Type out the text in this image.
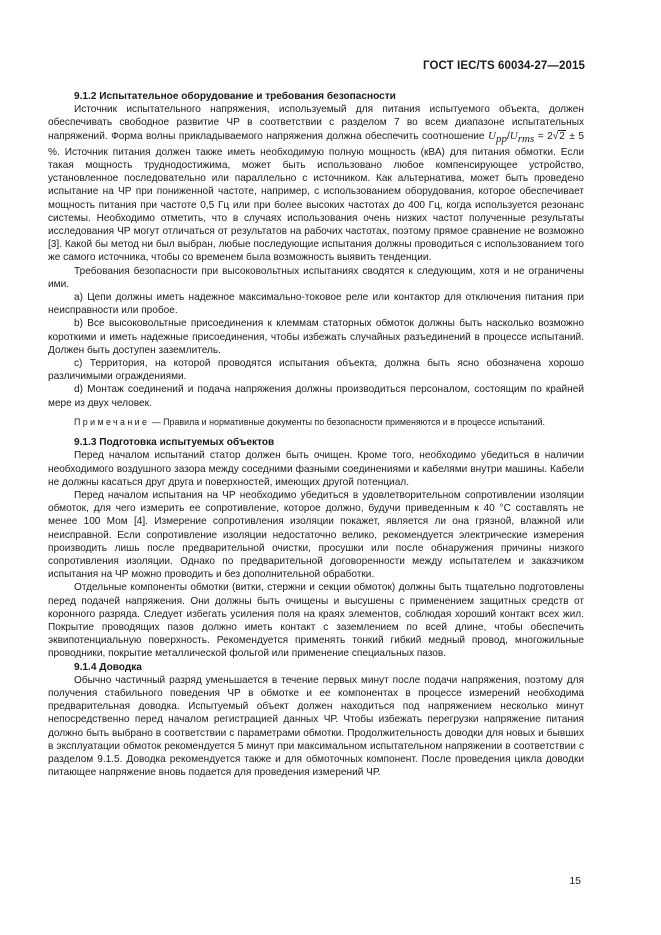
ГОСТ IEC/TS 60034-27—2015

9.1.2 Испытательное оборудование и требования безопасности

Источник испытательного напряжения, используемый для питания испытуемого объекта, должен обеспечивать свободное развитие ЧР в соответствии с разделом 7 во всем диапазоне испытательных напряжений. Форма волны прикладываемого напряжения должна обеспечить соотношение $U_{pp}/U_{rms} = 2√2 \pm 5$ %. Источник питания должен также иметь необходимую полную мощность (кВА) для питания обмотки. Если такая мощность труднодостижима, может быть использовано любое компенсирующее устройство, установленное последовательно или параллельно с источником. Как альтернатива, может быть проведено испытание на ЧР при пониженной частоте, например, с использованием оборудования, которое обеспечивает мощность питания при частоте 0,5 Гц или при более высоких частотах до 400 Гц, когда используется резонанс системы. Необходимо отметить, что в случаях использования очень низких частот полученные результаты исследования ЧР могут отличаться от результатов на рабочих частотах, поэтому прямое сравнение не возможно [3]. Какой бы метод ни был выбран, любые последующие испытания должны проводиться с использованием того же самого источника, чтобы со временем была возможность выявить тенденции.

Требования безопасности при высоковольтных испытаниях сводятся к следующим, хотя и не ограничены ими.

а) Цепи должны иметь надежное максимально-токовое реле или контактор для отключения питания при неисправности или пробое.

b) Все высоковольтные присоединения к клеммам статорных обмоток должны быть насколько возможно короткими и иметь надежные присоединения, чтобы избежать случайных разъединений в процессе испытаний. Должен быть доступен заземлитель.

с) Территория, на которой проводятся испытания объекта, должна быть ясно обозначена хорошо различимыми ограждениями.

d) Монтаж соединений и подача напряжения должны производиться персоналом, состоящим по крайней мере из двух человек.

Примечание — Правила и нормативные документы по безопасности применяются и в процессе испытаний.

9.1.3 Подготовка испытуемых объектов

Перед началом испытаний статор должен быть очищен. Кроме того, необходимо убедиться в наличии необходимого воздушного зазора между соседними фазными соединениями и кабелями внутри машины. Кабели не должны касаться друг друга и поверхностей, имеющих другой потенциал.

Перед началом испытания на ЧР необходимо убедиться в удовлетворительном сопротивлении изоляции обмоток, для чего измерить ее сопротивление, которое должно, будучи приведенным к 40 °С составлять не менее 100 Мом [4]. Измерение сопротивления изоляции покажет, является ли она грязной, влажной или неисправной. Если сопротивление изоляции недостаточно велико, рекомендуется электрические измерения производить лишь после предварительной очистки, просушки или после обнаружения причины низкого сопротивления изоляции. Однако по предварительной договоренности между испытателем и заказчиком испытания на ЧР можно проводить и без дополнительной обработки.

Отдельные компоненты обмотки (витки, стержни и секции обмоток) должны быть тщательно подготовлены перед подачей напряжения. Они должны быть очищены и высушены с применением защитных средств от коронного разряда. Следует избегать усиления поля на краях элементов, соблюдая хороший контакт всех жил. Покрытие проводящих пазов должно иметь контакт с заземлением по всей длине, чтобы обеспечить эквипотенциальную поверхность. Рекомендуется применять тонкий гибкий медный провод, многожильные проводники, покрытие металлической фольгой или применение специальных пазов.

9.1.4 Доводка

Обычно частичный разряд уменьшается в течение первых минут после подачи напряжения, поэтому для получения стабильного поведения ЧР в обмотке и ее компонентах в процессе измерений необходима предварительная доводка. Испытуемый объект должен находиться под напряжением несколько минут непосредственно перед началом регистрацией данных ЧР. Чтобы избежать перегрузки напряжение питания должно быть выбрано в соответствии с параметрами обмотки. Продолжительность доводки для новых и бывших в эксплуатации обмоток рекомендуется 5 минут при максимальном испытательном напряжении в соответствии с разделом 9.1.5. Доводка рекомендуется также и для обмоточных компонент. После проведения цикла доводки питающее напряжение вновь подается для проведения измерений ЧР.

15
